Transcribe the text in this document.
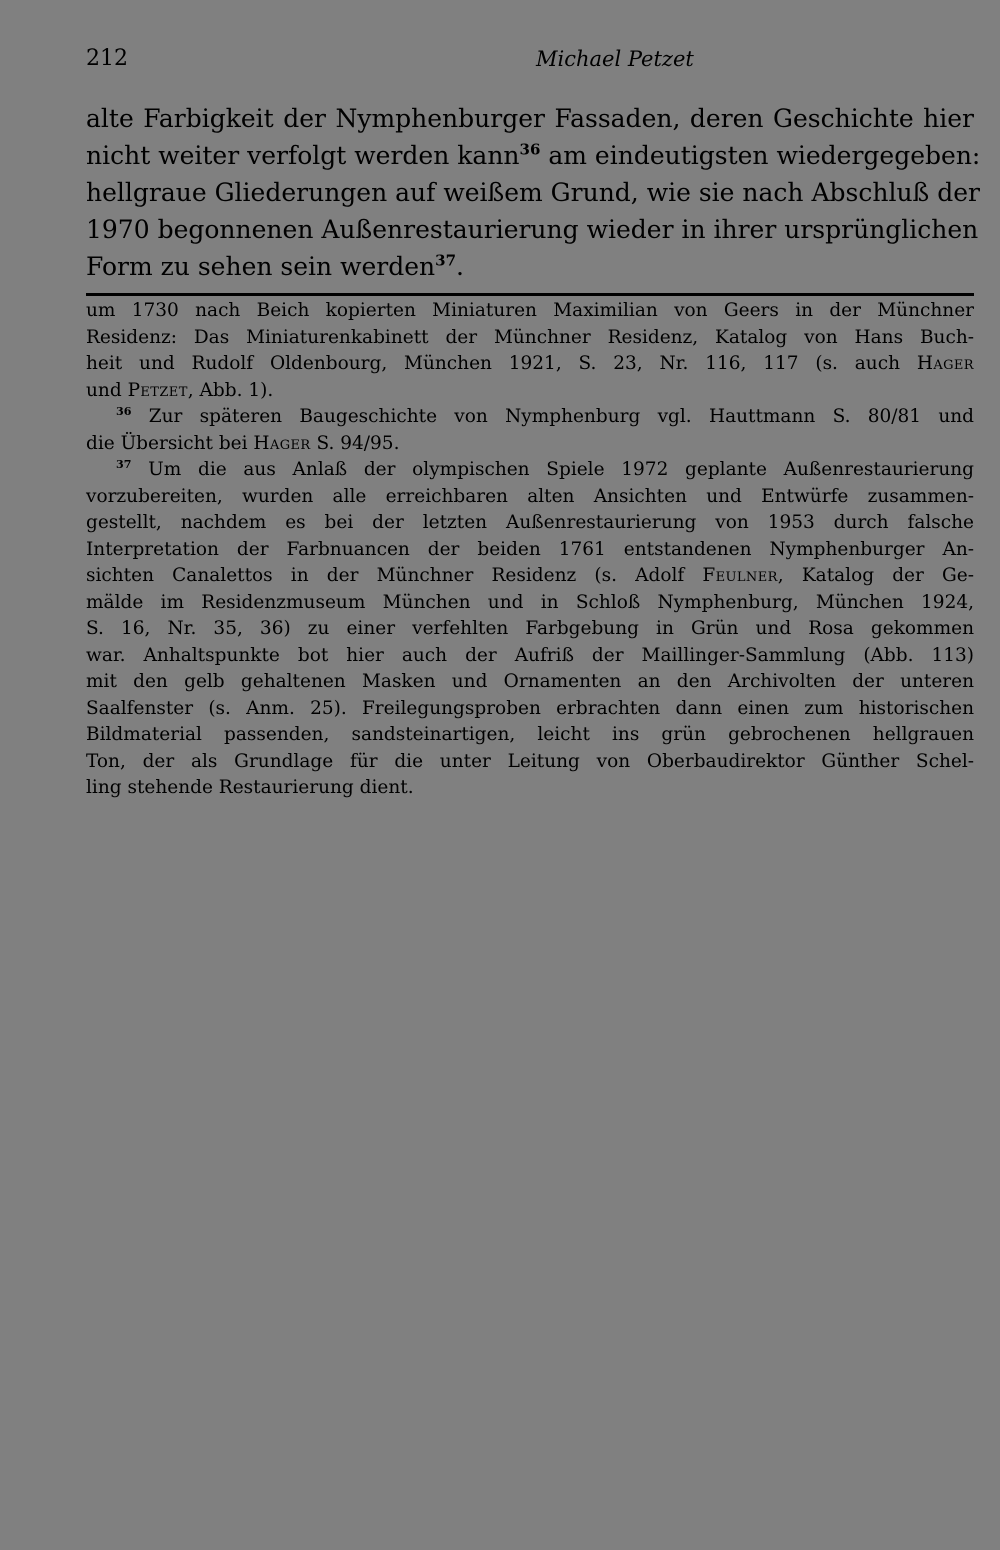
212	Michael Petzet
alte Farbigkeit der Nymphenburger Fassaden, deren Geschichte hier
nicht weiter verfolgt werden kann$^{36}$ am eindeutigsten wiedergegeben:
hellgraue Gliederungen auf weißem Grund, wie sie nach Abschluß der
1970 begonnenen Außenrestaurierung wieder in ihrer ursprünglichen
Form zu sehen sein werden$^{37}$.
um 1730 nach Beich kopierten Miniaturen Maximilian von Geers in der Münchner
Residenz: Das Miniaturenkabinett der Münchner Residenz, Katalog von Hans Buch-
heit und Rudolf Oldenbourg, München 1921, S. 23, Nr. 116, 117 (s. auch Hager
und Petzet, Abb. 1).
$^{36}$ Zur späteren Baugeschichte von Nymphenburg vgl. Hauttmann S. 80/81 und
die Übersicht bei Hager S. 94/95.
$^{37}$ Um die aus Anlaß der olympischen Spiele 1972 geplante Außenrestaurierung
vorzubereiten, wurden alle erreichbaren alten Ansichten und Entwürfe zusammen-
gestellt, nachdem es bei der letzten Außenrestaurierung von 1953 durch falsche
Interpretation der Farbnuancen der beiden 1761 entstandenen Nymphenburger An-
sichten Canalettos in der Münchner Residenz (s. Adolf Feulner, Katalog der Ge-
mälde im Residenzmuseum München und in Schloß Nymphenburg, München 1924,
S. 16, Nr. 35, 36) zu einer verfehlten Farbgebung in Grün und Rosa gekommen
war. Anhaltspunkte bot hier auch der Aufriß der Maillinger-Sammlung (Abb. 113)
mit den gelb gehaltenen Masken und Ornamenten an den Archivolten der unteren
Saalfenster (s. Anm. 25). Freilegungsproben erbrachten dann einen zum historischen
Bildmaterial passenden, sandsteinartigen, leicht ins grün gebrochenen hellgrauen
Ton, der als Grundlage für die unter Leitung von Oberbaudirektor Günther Schel-
ling stehende Restaurierung dient.
